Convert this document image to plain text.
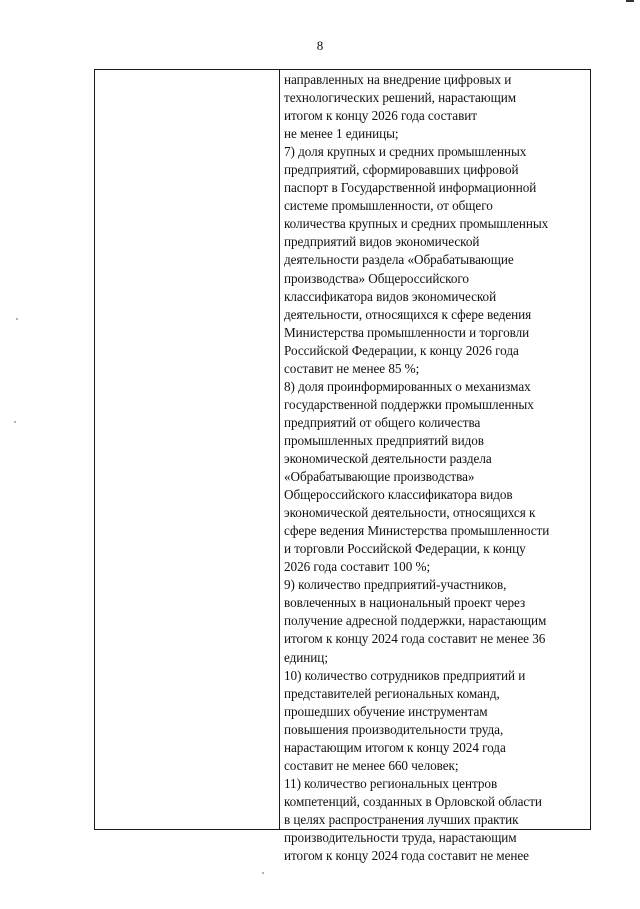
8
направленных на внедрение цифровых и
технологических решений, нарастающим
итогом к концу 2026 года составит
не менее 1 единицы;
7) доля крупных и средних промышленных
предприятий, сформировавших цифровой
паспорт в Государственной информационной
системе промышленности, от общего
количества крупных и средних промышленных
предприятий видов экономической
деятельности раздела «Обрабатывающие
производства» Общероссийского
классификатора видов экономической
деятельности, относящихся к сфере ведения
Министерства промышленности и торговли
Российской Федерации, к концу 2026 года
составит не менее 85 %;
8) доля проинформированных о механизмах
государственной поддержки промышленных
предприятий от общего количества
промышленных предприятий видов
экономической деятельности раздела
«Обрабатывающие производства»
Общероссийского классификатора видов
экономической деятельности, относящихся к
сфере ведения Министерства промышленности
и торговли Российской Федерации, к концу
2026 года составит 100 %;
9) количество предприятий-участников,
вовлеченных в национальный проект через
получение адресной поддержки, нарастающим
итогом к концу 2024 года составит не менее 36
единиц;
10) количество сотрудников предприятий и
представителей региональных команд,
прошедших обучение инструментам
повышения производительности труда,
нарастающим итогом к концу 2024 года
составит не менее 660 человек;
11) количество региональных центров
компетенций, созданных в Орловской области
в целях распространения лучших практик
производительности труда, нарастающим
итогом к концу 2024 года составит не менее
